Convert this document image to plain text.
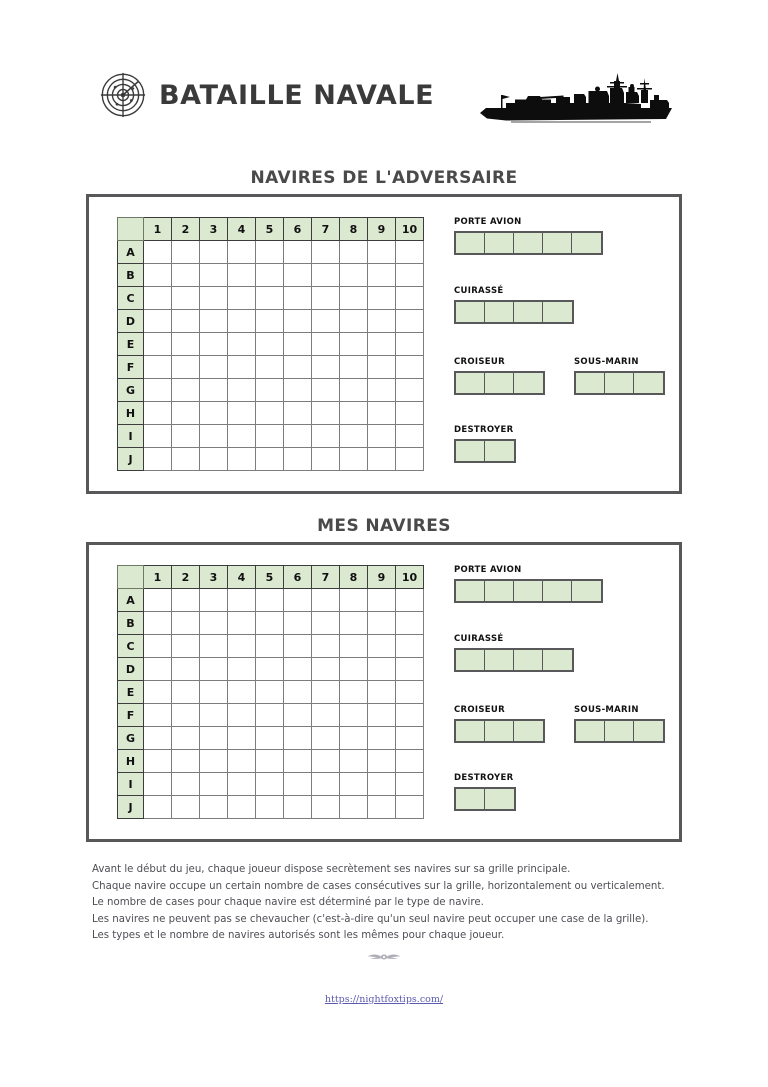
BATAILLE NAVALE
NAVIRES DE L'ADVERSAIRE
	1	2	3	4	5	6	7	8	9	10
A										
B										
C										
D										
E										
F										
G										
H										
I										
J										
PORTE AVION
CUIRASSÉ
CROISEUR	SOUS-MARIN
DESTROYER
MES NAVIRES
	1	2	3	4	5	6	7	8	9	10
A										
B										
C										
D										
E										
F										
G										
H										
I										
J										
PORTE AVION
CUIRASSÉ
CROISEUR	SOUS-MARIN
DESTROYER

Avant le début du jeu, chaque joueur dispose secrètement ses navires sur sa grille principale.

Chaque navire occupe un certain nombre de cases consécutives sur la grille, horizontalement ou verticalement.

Le nombre de cases pour chaque navire est déterminé par le type de navire.

Les navires ne peuvent pas se chevaucher (c'est-à-dire qu'un seul navire peut occuper une case de la grille).

Les types et le nombre de navires autorisés sont les mêmes pour chaque joueur.

https://nightfoxtips.com/
